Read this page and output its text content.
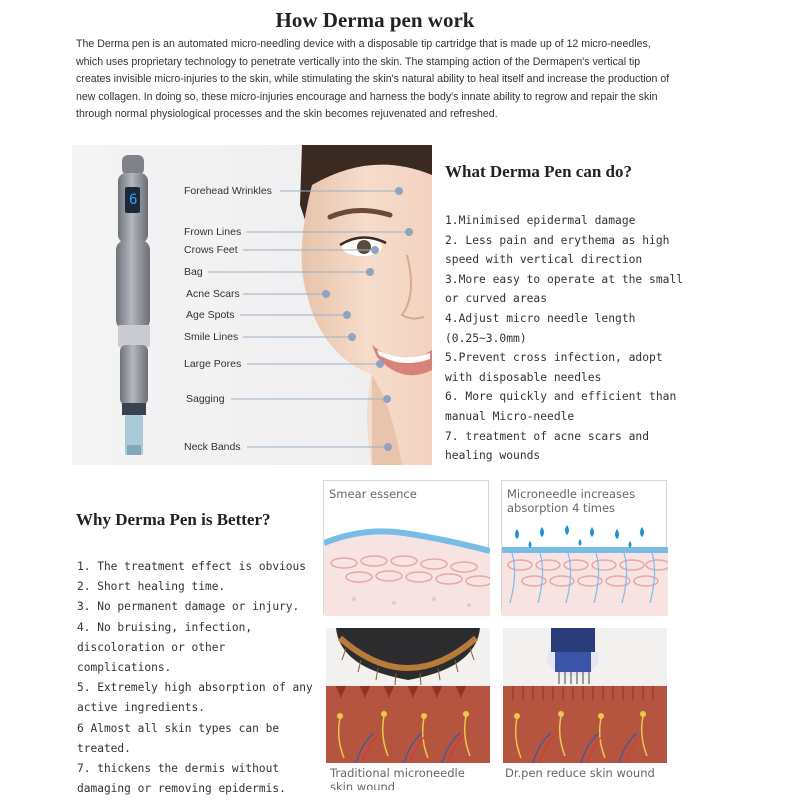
How Derma pen work
The Derma pen is an automated micro-needling device with a disposable tip cartridge that is made up of 12 micro-needles, which uses proprietary technology to penetrate vertically into the skin. The stamping action of the Dermapen's vertical tip creates invisible micro-injuries to the skin, while stimulating the skin's natural ability to heal itself and increase the production of new collagen. In doing so, these micro-injuries encourage and harness the body's innate ability to regrow and repair the skin through normal physiological processes and the skin becomes rejuvenated and refreshed.
6
Forehead Wrinkles
Frown Lines
Crows Feet
Bag
Acne Scars
Age Spots
Smile Lines
Large Pores
Sagging
Neck Bands
What Derma Pen can do?
1.Minimised epidermal damage
2. Less pain and erythema as high speed with vertical direction
3.More easy to operate at the small or curved areas
4.Adjust micro needle length (0.25~3.0mm)
5.Prevent cross infection, adopt with disposable needles
6. More quickly and efficient than manual Micro-needle
7. treatment of acne scars and healing wounds
Why Derma Pen is Better?
1. The treatment effect is obvious
2. Short healing time.
3. No permanent damage or injury.
4. No bruising, infection, discoloration or other complications.
5. Extremely high absorption of any active ingredients.
6 Almost all skin types can be treated.
7. thickens the dermis without damaging or removing epidermis.
Smear essence	Microneedle increases absorption 4 times
Traditional microneedle skin wound
Dr.pen reduce skin wound
